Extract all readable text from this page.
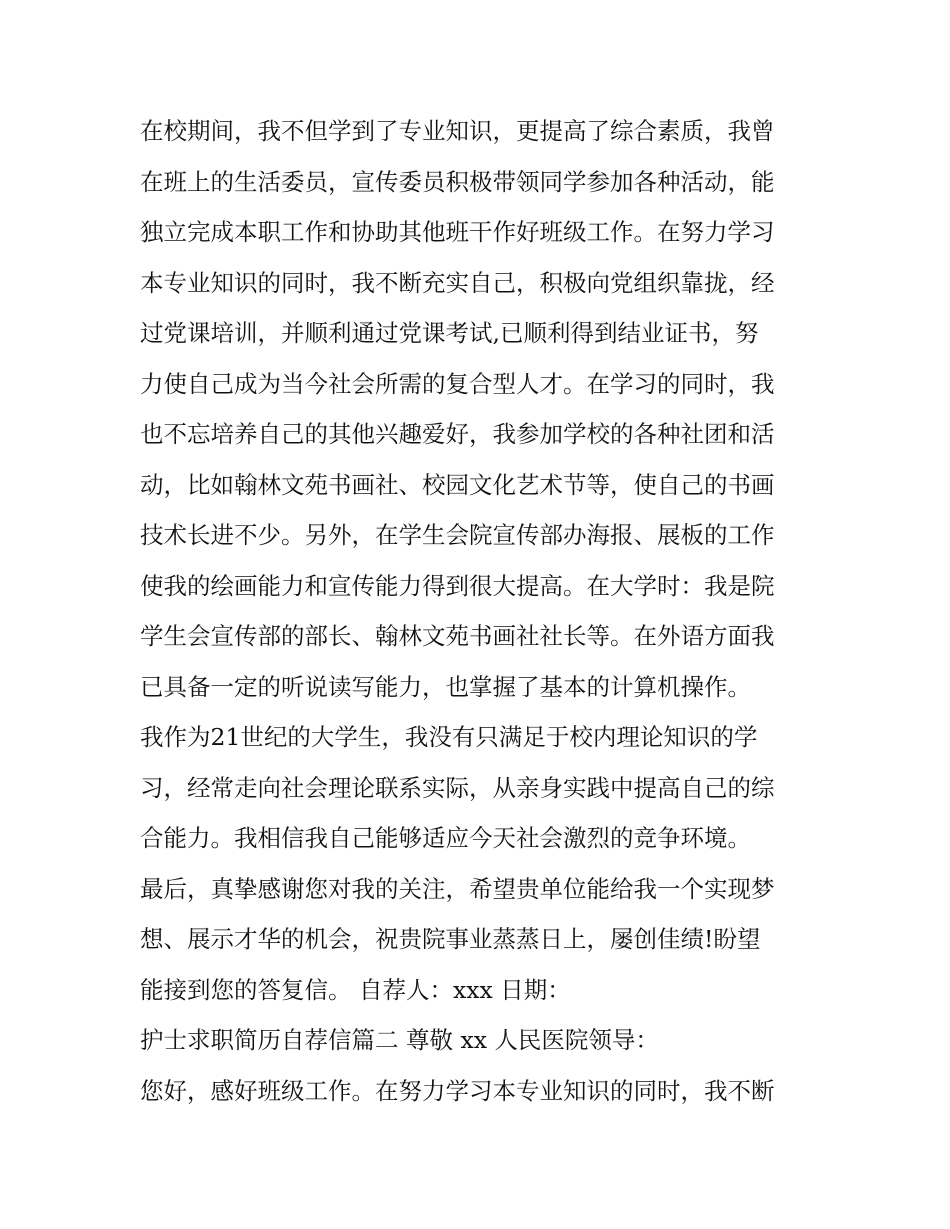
在校期间，我不但学到了专业知识，更提高了综合素质，我曾
在班上的生活委员，宣传委员积极带领同学参加各种活动，能
独立完成本职工作和协助其他班干作好班级工作。在努力学习
本专业知识的同时，我不断充实自己，积极向党组织靠拢，经
过党课培训，并顺利通过党课考试,已顺利得到结业证书，努
力使自己成为当今社会所需的复合型人才。在学习的同时，我
也不忘培养自己的其他兴趣爱好，我参加学校的各种社团和活
动，比如翰林文苑书画社、校园文化艺术节等，使自己的书画
技术长进不少。另外，在学生会院宣传部办海报、展板的工作
使我的绘画能力和宣传能力得到很大提高。在大学时：我是院
学生会宣传部的部长、翰林文苑书画社社长等。在外语方面我
已具备一定的听说读写能力，也掌握了基本的计算机操作。
我作为21世纪的大学生，我没有只满足于校内理论知识的学
习，经常走向社会理论联系实际，从亲身实践中提高自己的综
合能力。我相信我自己能够适应今天社会激烈的竞争环境。
最后，真挚感谢您对我的关注，希望贵单位能给我一个实现梦
想、展示才华的机会，祝贵院事业蒸蒸日上，屡创佳绩!盼望
能接到您的答复信。 自荐人：xxx 日期：
护士求职简历自荐信篇二 尊敬 xx 人民医院领导：
您好，感好班级工作。在努力学习本专业知识的同时，我不断
